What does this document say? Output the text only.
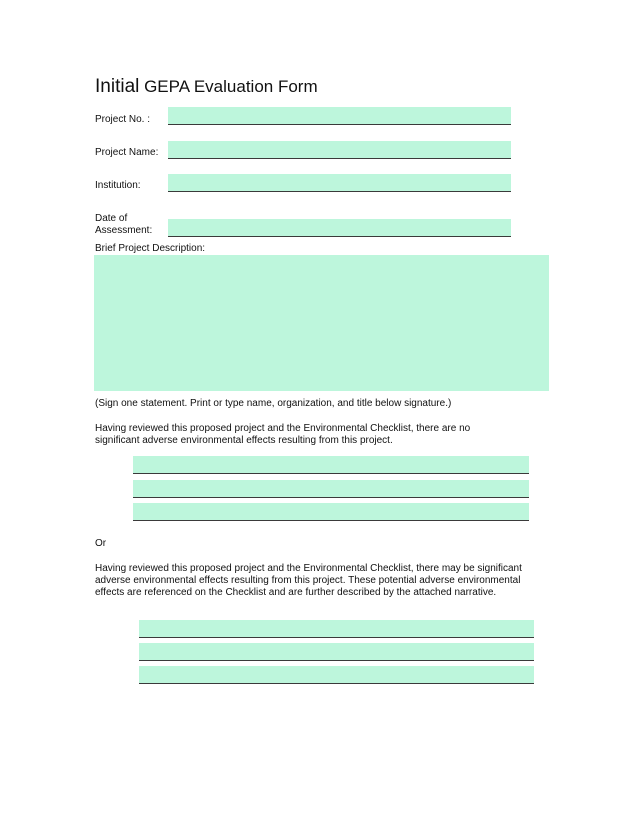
Initial GEPA Evaluation Form
Project No. :
Project Name:
Institution:
Date of
Assessment:
Brief Project Description:
(Sign one statement. Print or type name, organization, and title below signature.)
Having reviewed this proposed project and the Environmental Checklist, there are no significant adverse environmental effects resulting from this project.
Or
Having reviewed this proposed project and the Environmental Checklist, there may be significant adverse environmental effects resulting from this project. These potential adverse environmental effects are referenced on the Checklist and are further described by the attached narrative.
